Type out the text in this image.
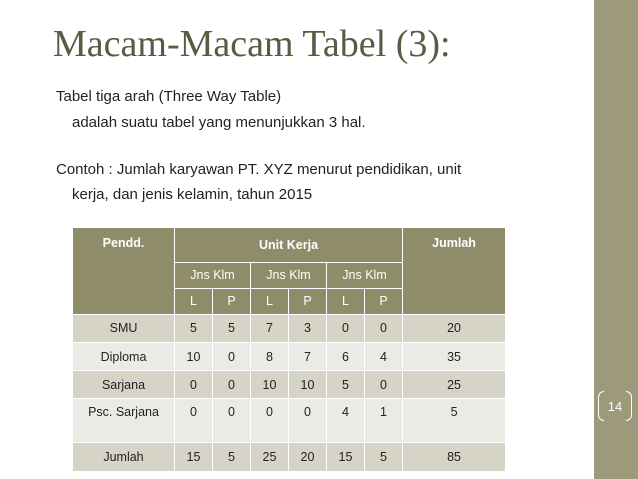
14
Macam-Macam Tabel (3):
Tabel tiga arah (Three Way Table)
adalah suatu tabel yang menunjukkan 3 hal.
Contoh : Jumlah karyawan PT. XYZ menurut pendidikan, unit
kerja, dan jenis kelamin, tahun 2015
Pendd.	Unit Kerja						Jumlah
	Jns Klm		Jns Klm		Jns Klm		
	L	P	L	P	L	P	
SMU	5	5	7	3	0	0	20
Diploma	10	0	8	7	6	4	35
Sarjana	0	0	10	10	5	0	25
Psc. Sarjana	0	0	0	0	4	1	5
Jumlah	15	5	25	20	15	5	85
